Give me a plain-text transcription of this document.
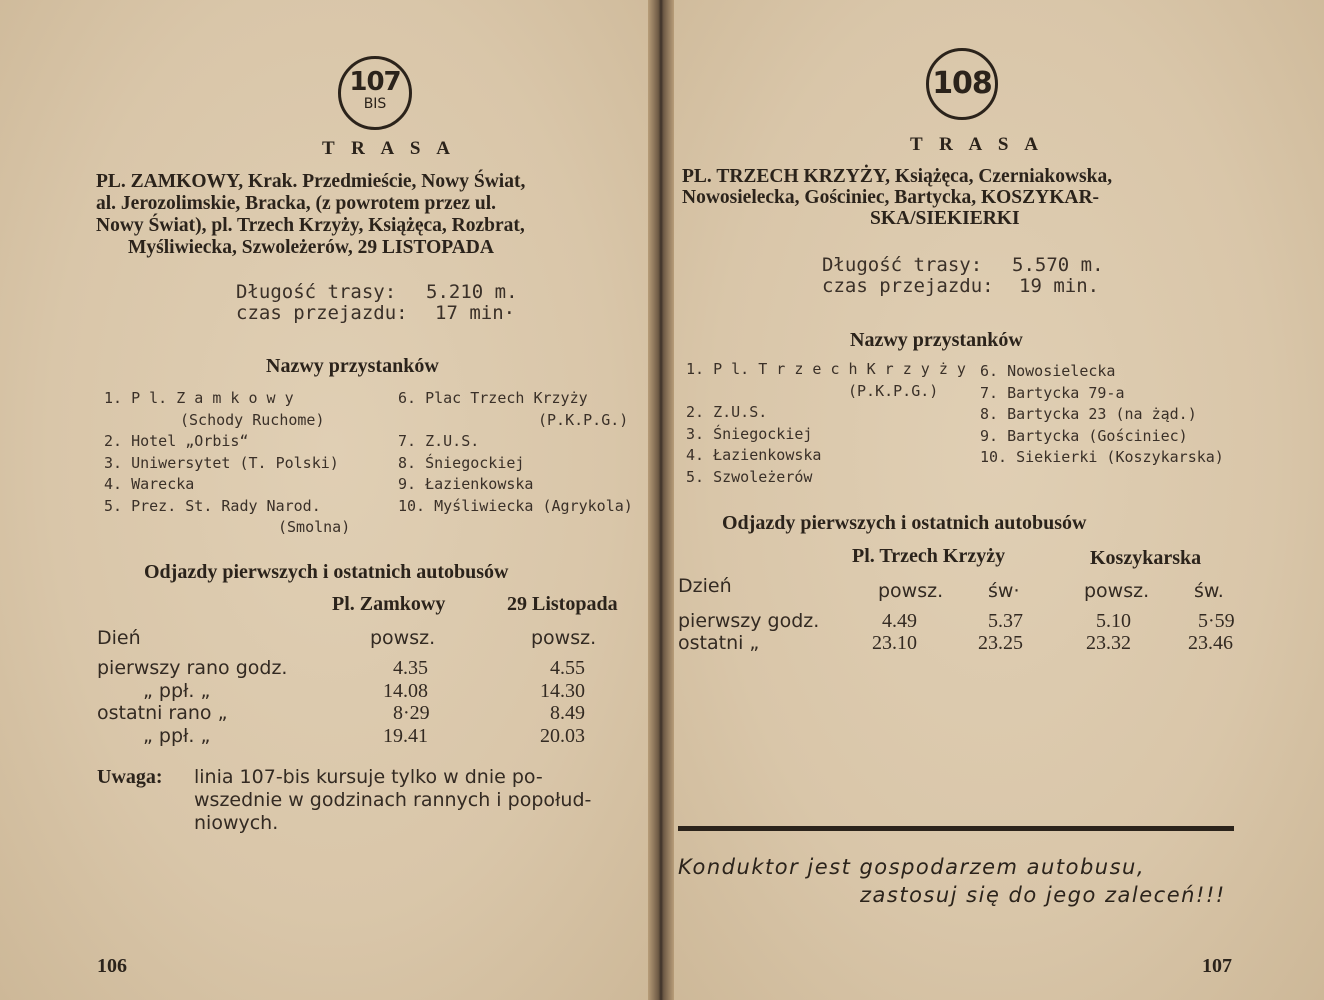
107
BIS
T R A S A
PL. ZAMKOWY, Krak. Przedmieście, Nowy Świat,
al. Jerozolimskie, Bracka, (z powrotem przez ul.
Nowy Świat), pl. Trzech Krzyży, Książęca, Rozbrat,
Myśliwiecka, Szwoleżerów, 29 LISTOPADA
Długość trasy: 5.210 m.
czas przejazdu: 17 min·
Nazwy przystanków
1. P l. Z a m k o w y
(Schody Ruchome)
2. Hotel „Orbis“
3. Uniwersytet (T. Polski)
4. Warecka
5. Prez. St. Rady Narod.
(Smolna)
6. Plac Trzech Krzyży
(P.K.P.G.)
7. Z.U.S.
8. Śniegockiej
9. Łazienkowska
10. Myśliwiecka (Agrykola)
Odjazdy pierwszych i ostatnich autobusów
Pl. Zamkowy	29 Listopada
Dień	powsz.	powsz.
pierwszy rano godz.	4.35	4.55
„ ppł. „	14.08	14.30
ostatni rano „	8·29	8.49
„ ppł. „	19.41	20.03
Uwaga: linia 107-bis kursuje tylko w dnie po-
wszednie w godzinach rannych i popołud-
niowych.
106
108
T R A S A
PL. TRZECH KRZYŻY, Książęca, Czerniakowska,
Nowosielecka, Gościniec, Bartycka, KOSZYKAR-
SKA/SIEKIERKI
Długość trasy: 5.570 m.
czas przejazdu: 19 min.
Nazwy przystanków
1. P l. T r z e c h K r z y ż y
(P.K.P.G.)
2. Z.U.S.
3. Śniegockiej
4. Łazienkowska
5. Szwoleżerów
6. Nowosielecka
7. Bartycka 79-a
8. Bartycka 23 (na żąd.)
9. Bartycka (Gościniec)
10. Siekierki (Koszykarska)
Odjazdy pierwszych i ostatnich autobusów
Pl. Trzech Krzyży	Koszykarska
Dzień	powsz. św·	powsz. św.
pierwszy godz.	4.49	5.37	5.10	5·59
ostatni „	23.10	23.25	23.32	23.46
Konduktor jest gospodarzem autobusu,
zastosuj się do jego zaleceń!!!
107
